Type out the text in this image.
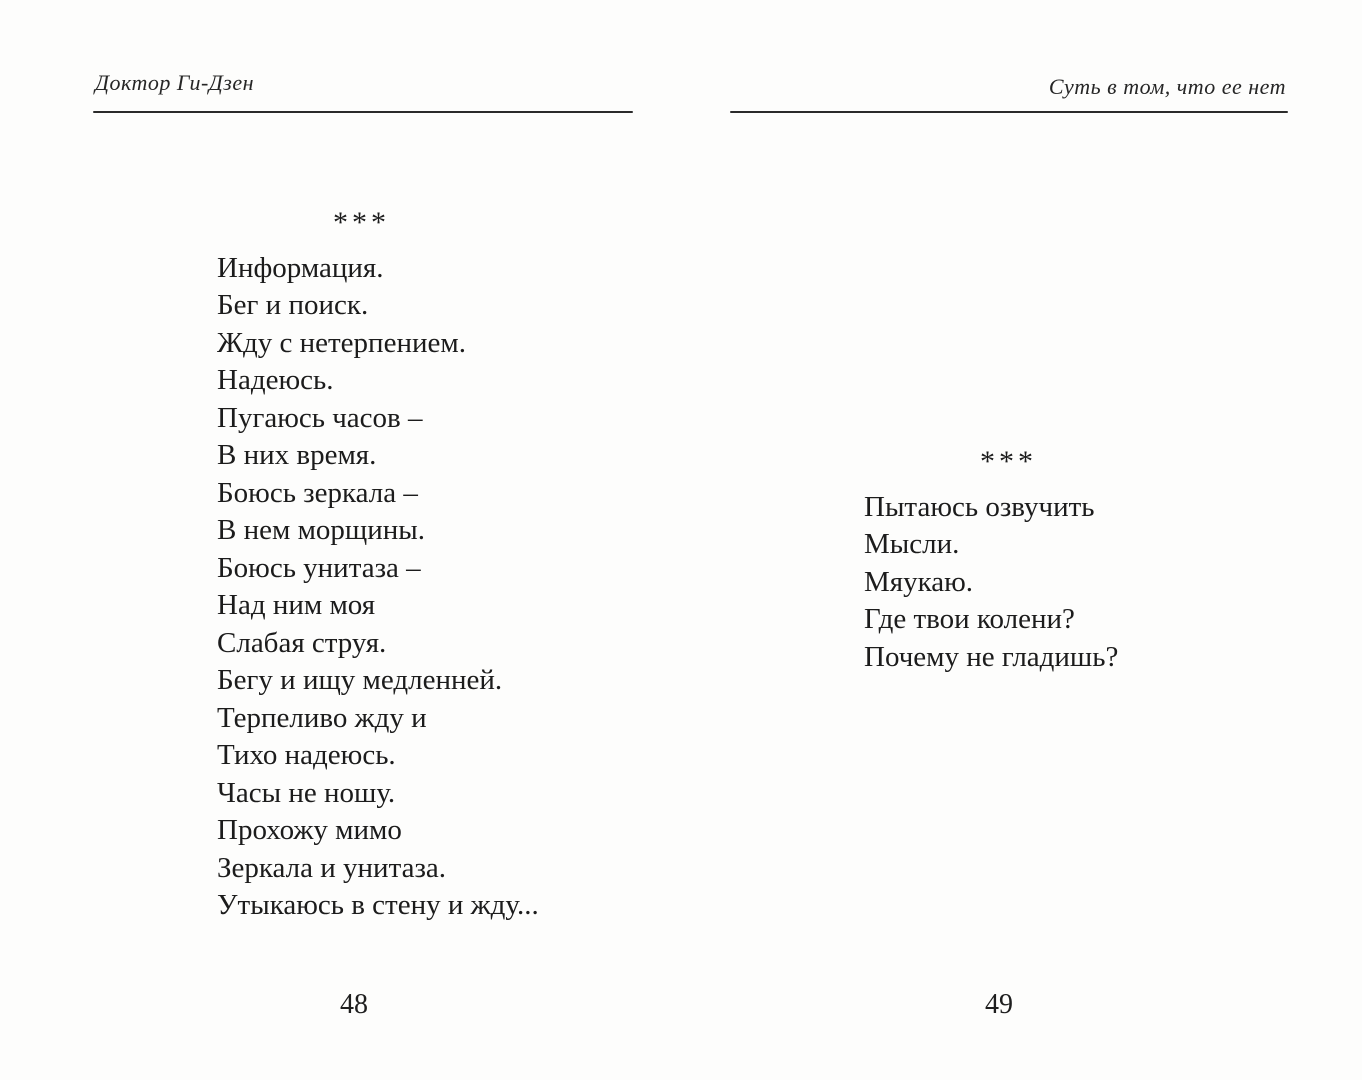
Доктор Ги-Дзен
***
Информация.
Бег и поиск.
Жду с нетерпением.
Надеюсь.
Пугаюсь часов –
В них время.
Боюсь зеркала –
В нем морщины.
Боюсь унитаза –
Над ним моя
Слабая струя.
Бегу и ищу медленней.
Терпеливо жду и
Тихо надеюсь.
Часы не ношу.
Прохожу мимо
Зеркала и унитаза.
Утыкаюсь в стену и жду...
48
Суть в том, что ее нет
***
Пытаюсь озвучить
Мысли.
Мяукаю.
Где твои колени?
Почему не гладишь?
49
